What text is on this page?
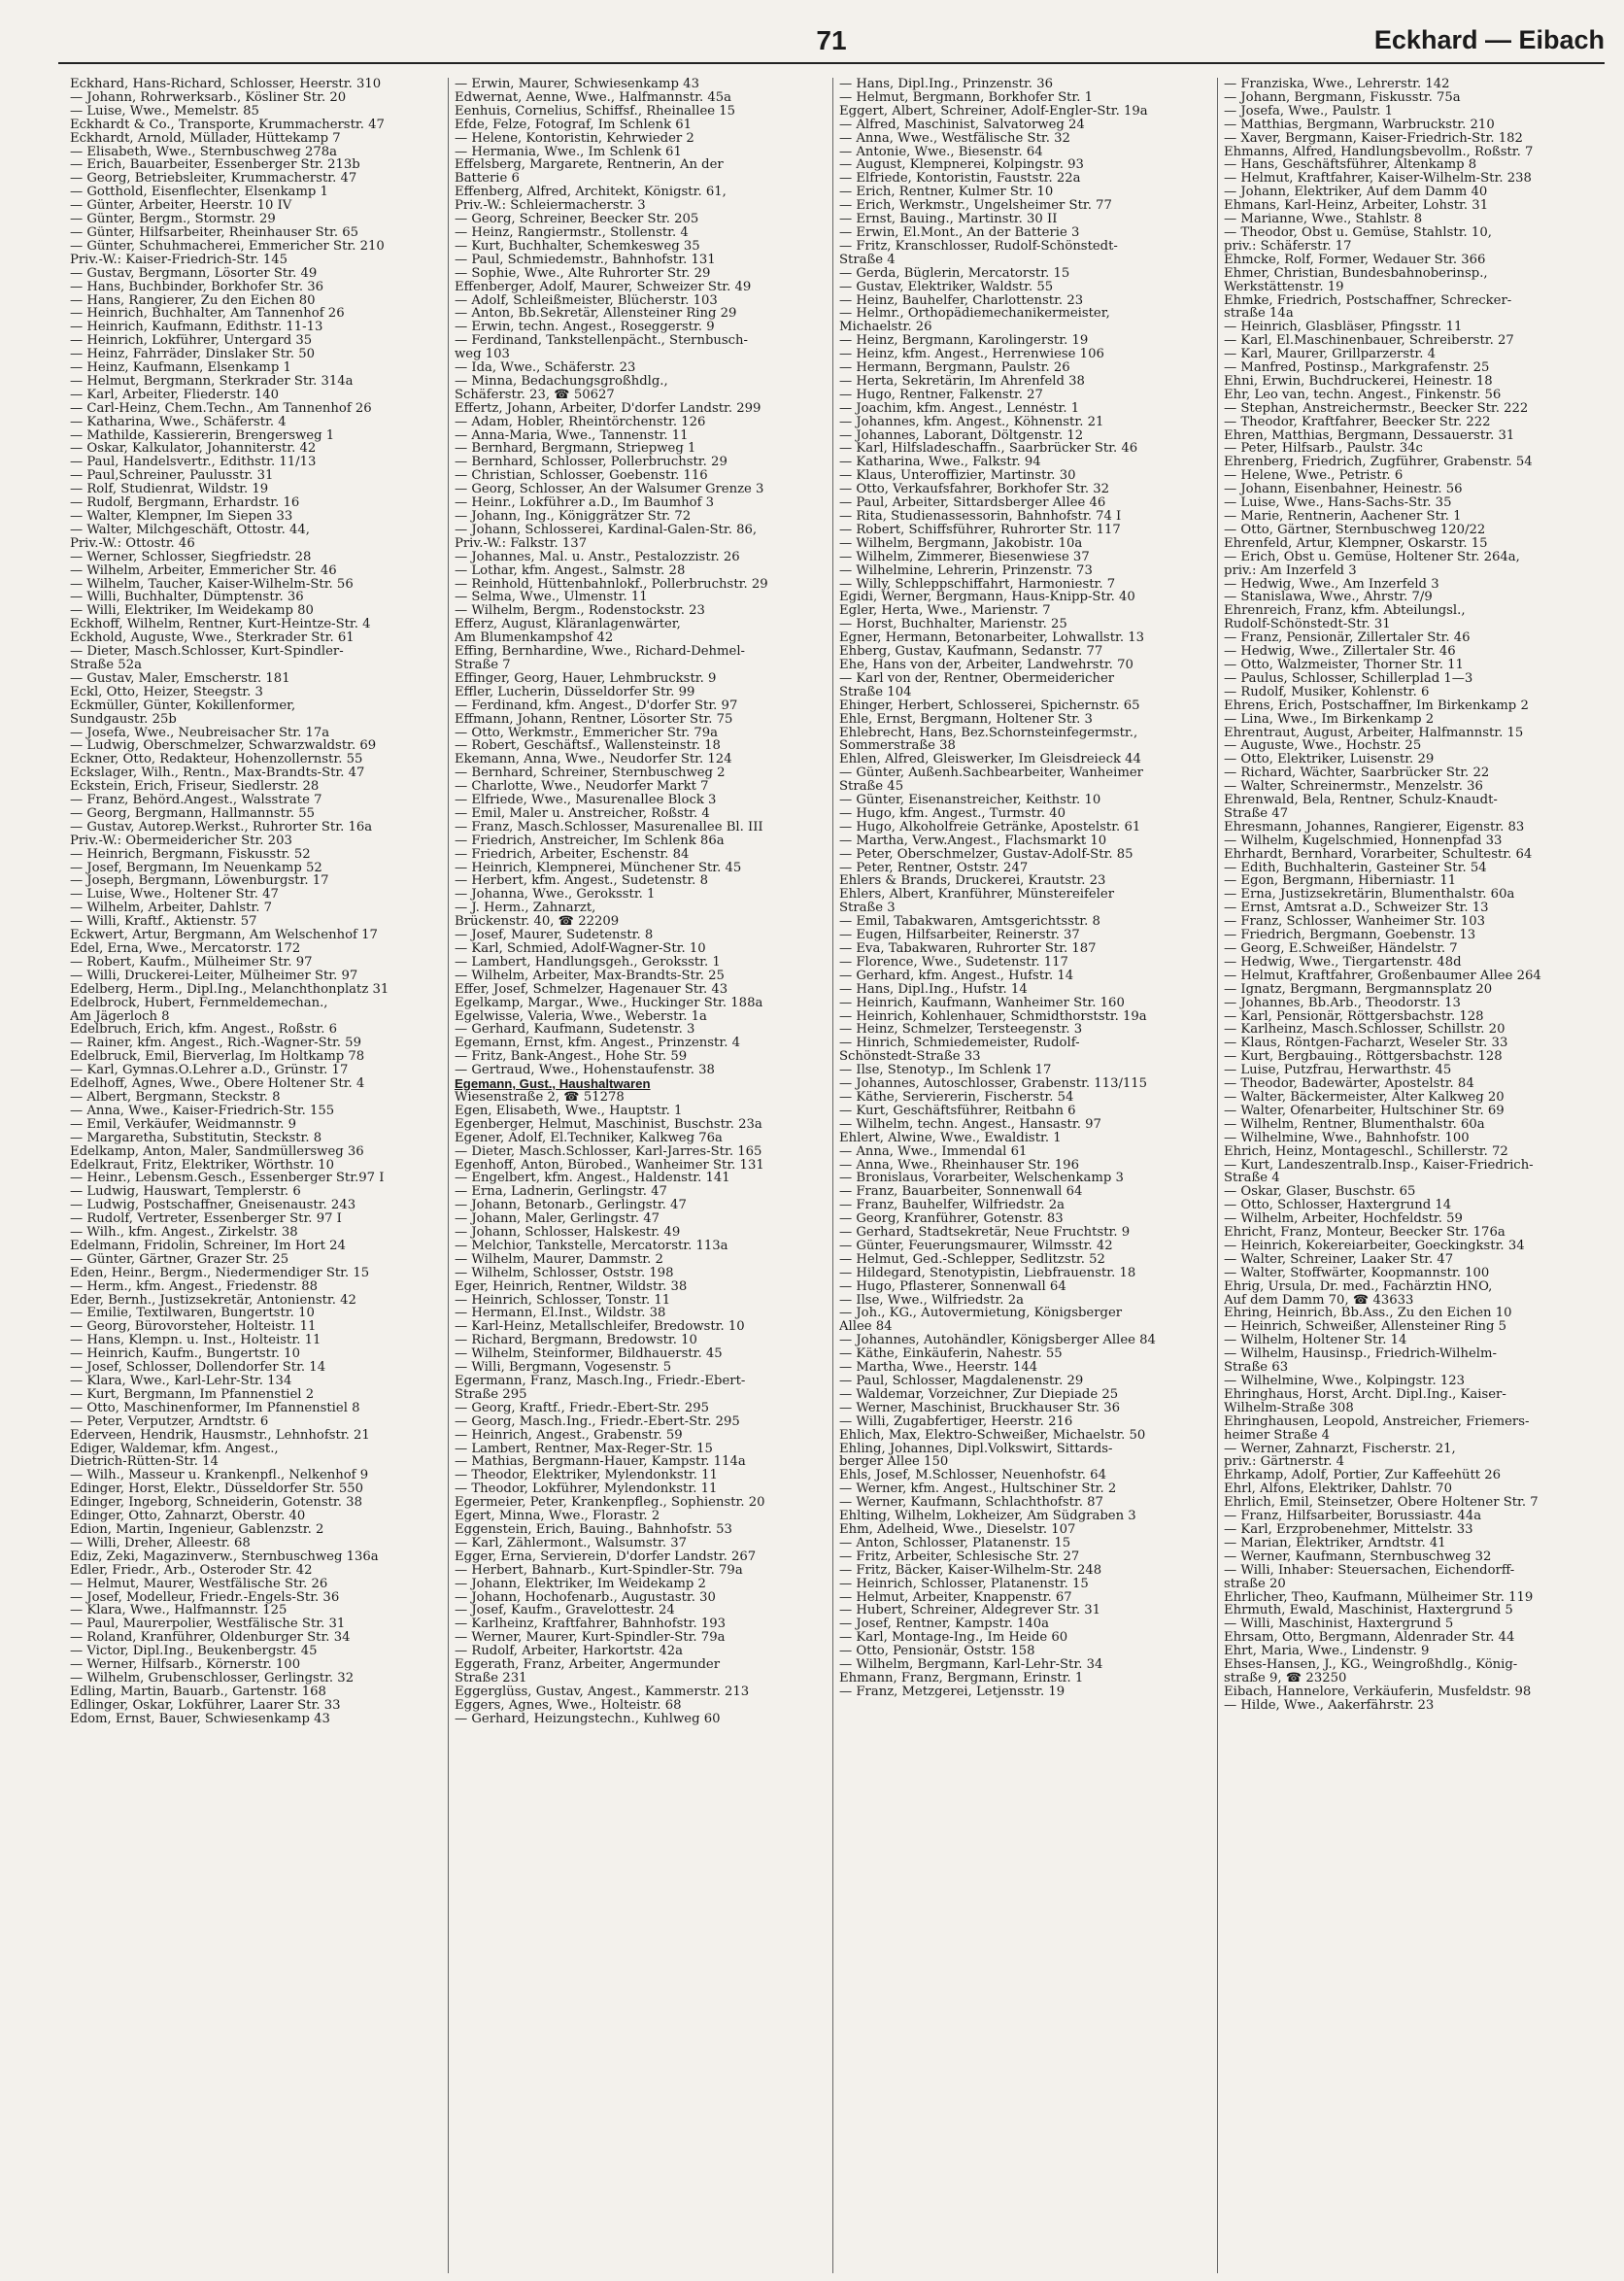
71	Eckhard — Eibach
Eckhard, Hans-Richard, Schlosser, Heerstr. 310
— Johann, Rohrwerksarb., Kösliner Str. 20
— Luise, Wwe., Memelstr. 85
Eckhardt & Co., Transporte, Krummacherstr. 47
Eckhardt, Arnold, Müllader, Hüttekamp 7
— Elisabeth, Wwe., Sternbuschweg 278a
— Erich, Bauarbeiter, Essenberger Str. 213b
— Georg, Betriebsleiter, Krummacherstr. 47
— Gotthold, Eisenflechter, Elsenkamp 1
— Günter, Arbeiter, Heerstr. 10 IV
— Günter, Bergm., Stormstr. 29
— Günter, Hilfsarbeiter, Rheinhauser Str. 65
— Günter, Schuhmacherei, Emmericher Str. 210
Priv.-W.: Kaiser-Friedrich-Str. 145
— Gustav, Bergmann, Lösorter Str. 49
— Hans, Buchbinder, Borkhofer Str. 36
— Hans, Rangierer, Zu den Eichen 80
— Heinrich, Buchhalter, Am Tannenhof 26
— Heinrich, Kaufmann, Edithstr. 11-13
— Heinrich, Lokführer, Untergard 35
— Heinz, Fahrräder, Dinslaker Str. 50
— Heinz, Kaufmann, Elsenkamp 1
— Helmut, Bergmann, Sterkrader Str. 314a
— Karl, Arbeiter, Fliederstr. 140
— Carl-Heinz, Chem.Techn., Am Tannenhof 26
— Katharina, Wwe., Schäferstr. 4
— Mathilde, Kassiererin, Brengersweg 1
— Oskar, Kalkulator, Johanniterstr. 42
— Paul, Handelsvertr., Edithstr. 11/13
— Paul,Schreiner, Paulusstr. 31
— Rolf, Studienrat, Wildstr. 19
— Rudolf, Bergmann, Erhardstr. 16
— Walter, Klempner, Im Siepen 33
— Walter, Milchgeschäft, Ottostr. 44,
Priv.-W.: Ottostr. 46
— Werner, Schlosser, Siegfriedstr. 28
— Wilhelm, Arbeiter, Emmericher Str. 46
— Wilhelm, Taucher, Kaiser-Wilhelm-Str. 56
— Willi, Buchhalter, Dümptenstr. 36
— Willi, Elektriker, Im Weidekamp 80
Eckhoff, Wilhelm, Rentner, Kurt-Heintze-Str. 4
Eckhold, Auguste, Wwe., Sterkrader Str. 61
— Dieter, Masch.Schlosser, Kurt-Spindler-
Straße 52a
— Gustav, Maler, Emscherstr. 181
Eckl, Otto, Heizer, Steegstr. 3
Eckmüller, Günter, Kokillenformer,
Sundgaustr. 25b
— Josefa, Wwe., Neubreisacher Str. 17a
— Ludwig, Oberschmelzer, Schwarzwaldstr. 69
Eckner, Otto, Redakteur, Hohenzollernstr. 55
Eckslager, Wilh., Rentn., Max-Brandts-Str. 47
Eckstein, Erich, Friseur, Siedlerstr. 28
— Franz, Behörd.Angest., Walsstrate 7
— Georg, Bergmann, Hallmannstr. 55
— Gustav, Autorep.Werkst., Ruhrorter Str. 16a
Priv.-W.: Obermeidericher Str. 203
— Heinrich, Bergmann, Fiskusstr. 52
— Josef, Bergmann, Im Neuenkamp 52
— Joseph, Bergmann, Löwenburgstr. 17
— Luise, Wwe., Holtener Str. 47
— Wilhelm, Arbeiter, Dahlstr. 7
— Willi, Kraftf., Aktienstr. 57
Eckwert, Artur, Bergmann, Am Welschenhof 17
Edel, Erna, Wwe., Mercatorstr. 172
— Robert, Kaufm., Mülheimer Str. 97
— Willi, Druckerei-Leiter, Mülheimer Str. 97
Edelberg, Herm., Dipl.Ing., Melanchthonplatz 31
Edelbrock, Hubert, Fernmeldemechan.,
Am Jägerloch 8
Edelbruch, Erich, kfm. Angest., Roßstr. 6
— Rainer, kfm. Angest., Rich.-Wagner-Str. 59
Edelbruck, Emil, Bierverlag, Im Holtkamp 78
— Karl, Gymnas.O.Lehrer a.D., Grünstr. 17
Edelhoff, Agnes, Wwe., Obere Holtener Str. 4
— Albert, Bergmann, Steckstr. 8
— Anna, Wwe., Kaiser-Friedrich-Str. 155
— Emil, Verkäufer, Weidmannstr. 9
— Margaretha, Substitutin, Steckstr. 8
Edelkamp, Anton, Maler, Sandmüllersweg 36
Edelkraut, Fritz, Elektriker, Wörthstr. 10
— Heinr., Lebensm.Gesch., Essenberger Str.97 I
— Ludwig, Hauswart, Templerstr. 6
— Ludwig, Postschaffner, Gneisenaustr. 243
— Rudolf, Vertreter, Essenberger Str. 97 I
— Wilh., kfm. Angest., Zirkelstr. 38
Edelmann, Fridolin, Schreiner, Im Hort 24
— Günter, Gärtner, Grazer Str. 25
Eden, Heinr., Bergm., Niedermendiger Str. 15
— Herm., kfm. Angest., Friedenstr. 88
Eder, Bernh., Justizsekretär, Antonienstr. 42
— Emilie, Textilwaren, Bungertstr. 10
— Georg, Bürovorsteher, Holteistr. 11
— Hans, Klempn. u. Inst., Holteistr. 11
— Heinrich, Kaufm., Bungertstr. 10
— Josef, Schlosser, Dollendorfer Str. 14
— Klara, Wwe., Karl-Lehr-Str. 134
— Kurt, Bergmann, Im Pfannenstiel 2
— Otto, Maschinenformer, Im Pfannenstiel 8
— Peter, Verputzer, Arndtstr. 6
Ederveen, Hendrik, Hausmstr., Lehnhofstr. 21
Ediger, Waldemar, kfm. Angest.,
Dietrich-Rütten-Str. 14
— Wilh., Masseur u. Krankenpfl., Nelkenhof 9
Edinger, Horst, Elektr., Düsseldorfer Str. 550
Edinger, Ingeborg, Schneiderin, Gotenstr. 38
Edinger, Otto, Zahnarzt, Oberstr. 40
Edion, Martin, Ingenieur, Gablenzstr. 2
— Willi, Dreher, Alleestr. 68
Ediz, Zeki, Magazinverw., Sternbuschweg 136a
Edler, Friedr., Arb., Osteroder Str. 42
— Helmut, Maurer, Westfälische Str. 26
— Josef, Modelleur, Friedr.-Engels-Str. 36
— Klara, Wwe., Halfmannstr. 125
— Paul, Maurerpolier, Westfälische Str. 31
— Roland, Kranführer, Oldenburger Str. 34
— Victor, Dipl.Ing., Beukenbergstr. 45
— Werner, Hilfsarb., Körnerstr. 100
— Wilhelm, Grubenschlosser, Gerlingstr. 32
Edling, Martin, Bauarb., Gartenstr. 168
Edlinger, Oskar, Lokführer, Laarer Str. 33
Edom, Ernst, Bauer, Schwiesenkamp 43
— Erwin, Maurer, Schwiesenkamp 43
Edwernat, Aenne, Wwe., Halfmannstr. 45a
Eenhuis, Cornelius, Schiffsf., Rheinallee 15
Efde, Felze, Fotograf, Im Schlenk 61
— Helene, Kontoristin, Kehrwieder 2
— Hermania, Wwe., Im Schlenk 61
Effelsberg, Margarete, Rentnerin, An der
Batterie 6
Effenberg, Alfred, Architekt, Königstr. 61,
Priv.-W.: Schleiermacherstr. 3
— Georg, Schreiner, Beecker Str. 205
— Heinz, Rangiermstr., Stollenstr. 4
— Kurt, Buchhalter, Schemkesweg 35
— Paul, Schmiedemstr., Bahnhofstr. 131
— Sophie, Wwe., Alte Ruhrorter Str. 29
Effenberger, Adolf, Maurer, Schweizer Str. 49
— Adolf, Schleißmeister, Blücherstr. 103
— Anton, Bb.Sekretär, Allensteiner Ring 29
— Erwin, techn. Angest., Roseggerstr. 9
— Ferdinand, Tankstellenpächt., Sternbusch-
weg 103
— Ida, Wwe., Schäferstr. 23
— Minna, Bedachungsgroßhdlg.,
Schäferstr. 23, ☎ 50627
Effertz, Johann, Arbeiter, D'dorfer Landstr. 299
— Adam, Hobler, Rheintörchenstr. 126
— Anna-Maria, Wwe., Tannenstr. 11
— Bernhard, Bergmann, Striepweg 1
— Bernhard, Schlosser, Pollerbruchstr. 29
— Christian, Schlosser, Goebenstr. 116
— Georg, Schlosser, An der Walsumer Grenze 3
— Heinr., Lokführer a.D., Im Baumhof 3
— Johann, Ing., Königgrätzer Str. 72
— Johann, Schlosserei, Kardinal-Galen-Str. 86,
Priv.-W.: Falkstr. 137
— Johannes, Mal. u. Anstr., Pestalozzistr. 26
— Lothar, kfm. Angest., Salmstr. 28
— Reinhold, Hüttenbahnlokf., Pollerbruchstr. 29
— Selma, Wwe., Ulmenstr. 11
— Wilhelm, Bergm., Rodenstockstr. 23
Efferz, August, Kläranlagenwärter,
Am Blumenkampshof 42
Effing, Bernhardine, Wwe., Richard-Dehmel-
Straße 7
Effinger, Georg, Hauer, Lehmbruckstr. 9
Effler, Lucherin, Düsseldorfer Str. 99
— Ferdinand, kfm. Angest., D'dorfer Str. 97
Effmann, Johann, Rentner, Lösorter Str. 75
— Otto, Werkmstr., Emmericher Str. 79a
— Robert, Geschäftsf., Wallensteinstr. 18
Ekemann, Anna, Wwe., Neudorfer Str. 124
— Bernhard, Schreiner, Sternbuschweg 2
— Charlotte, Wwe., Neudorfer Markt 7
— Elfriede, Wwe., Masurenallee Block 3
— Emil, Maler u. Anstreicher, Roßstr. 4
— Franz, Masch.Schlosser, Masurenallee Bl. III
— Friedrich, Anstreicher, Im Schlenk 86a
— Friedrich, Arbeiter, Eschenstr. 84
— Heinrich, Klempnerei, Münchener Str. 45
— Herbert, kfm. Angest., Sudetenstr. 8
— Johanna, Wwe., Geroksstr. 1
— J. Herm., Zahnarzt,
Brückenstr. 40, ☎ 22209
— Josef, Maurer, Sudetenstr. 8
— Karl, Schmied, Adolf-Wagner-Str. 10
— Lambert, Handlungsgeh., Geroksstr. 1
— Wilhelm, Arbeiter, Max-Brandts-Str. 25
Effer, Josef, Schmelzer, Hagenauer Str. 43
Egelkamp, Margar., Wwe., Huckinger Str. 188a
Egelwisse, Valeria, Wwe., Weberstr. 1a
— Gerhard, Kaufmann, Sudetenstr. 3
Egemann, Ernst, kfm. Angest., Prinzenstr. 4
— Fritz, Bank-Angest., Hohe Str. 59
— Gertraud, Wwe., Hohenstaufenstr. 38
Egemann, Gust., Haushaltwaren
Wiesenstraße 2, ☎ 51278
Egen, Elisabeth, Wwe., Hauptstr. 1
Egenberger, Helmut, Maschinist, Buschstr. 23a
Egener, Adolf, El.Techniker, Kalkweg 76a
— Dieter, Masch.Schlosser, Karl-Jarres-Str. 165
Egenhoff, Anton, Bürobed., Wanheimer Str. 131
— Engelbert, kfm. Angest., Haldenstr. 141
— Erna, Ladnerin, Gerlingstr. 47
— Johann, Betonarb., Gerlingstr. 47
— Johann, Maler, Gerlingstr. 47
— Johann, Schlosser, Halskestr. 49
— Melchior, Tankstelle, Mercatorstr. 113a
— Wilhelm, Maurer, Dammstr. 2
— Wilhelm, Schlosser, Oststr. 198
Eger, Heinrich, Rentner, Wildstr. 38
— Heinrich, Schlosser, Tonstr. 11
— Hermann, El.Inst., Wildstr. 38
— Karl-Heinz, Metallschleifer, Bredowstr. 10
— Richard, Bergmann, Bredowstr. 10
— Wilhelm, Steinformer, Bildhauerstr. 45
— Willi, Bergmann, Vogesenstr. 5
Egermann, Franz, Masch.Ing., Friedr.-Ebert-
Straße 295
— Georg, Kraftf., Friedr.-Ebert-Str. 295
— Georg, Masch.Ing., Friedr.-Ebert-Str. 295
— Heinrich, Angest., Grabenstr. 59
— Lambert, Rentner, Max-Reger-Str. 15
— Mathias, Bergmann-Hauer, Kampstr. 114a
— Theodor, Elektriker, Mylendonkstr. 11
— Theodor, Lokführer, Mylendonkstr. 11
Egermeier, Peter, Krankenpfleg., Sophienstr. 20
Egert, Minna, Wwe., Florastr. 2
Eggenstein, Erich, Bauing., Bahnhofstr. 53
— Karl, Zählermont., Walsumstr. 37
Egger, Erna, Servierein, D'dorfer Landstr. 267
— Herbert, Bahnarb., Kurt-Spindler-Str. 79a
— Johann, Elektriker, Im Weidekamp 2
— Johann, Hochofenarb., Augustastr. 30
— Josef, Kaufm., Gravelottestr. 24
— Karlheinz, Kraftfahrer, Bahnhofstr. 193
— Werner, Maurer, Kurt-Spindler-Str. 79a
— Rudolf, Arbeiter, Harkortstr. 42a
Eggerath, Franz, Arbeiter, Angermunder
Straße 231
Eggerglüss, Gustav, Angest., Kammerstr. 213
Eggers, Agnes, Wwe., Holteistr. 68
— Gerhard, Heizungstechn., Kuhlweg 60
— Hans, Dipl.Ing., Prinzenstr. 36
— Helmut, Bergmann, Borkhofer Str. 1
Eggert, Albert, Schreiner, Adolf-Engler-Str. 19a
— Alfred, Maschinist, Salvatorweg 24
— Anna, Wwe., Westfälische Str. 32
— Antonie, Wwe., Biesenstr. 64
— August, Klempnerei, Kolpingstr. 93
— Elfriede, Kontoristin, Fauststr. 22a
— Erich, Rentner, Kulmer Str. 10
— Erich, Werkmstr., Ungelsheimer Str. 77
— Ernst, Bauing., Martinstr. 30 II
— Erwin, El.Mont., An der Batterie 3
— Fritz, Kranschlosser, Rudolf-Schönstedt-
Straße 4
— Gerda, Büglerin, Mercatorstr. 15
— Gustav, Elektriker, Waldstr. 55
— Heinz, Bauhelfer, Charlottenstr. 23
— Helmr., Orthopädiemechanikermeister,
Michaelstr. 26
— Heinz, Bergmann, Karolingerstr. 19
— Heinz, kfm. Angest., Herrenwiese 106
— Hermann, Bergmann, Paulstr. 26
— Herta, Sekretärin, Im Ährenfeld 38
— Hugo, Rentner, Falkenstr. 27
— Joachim, kfm. Angest., Lennéstr. 1
— Johannes, kfm. Angest., Köhnenstr. 21
— Johannes, Laborant, Döltgenstr. 12
— Karl, Hilfsladeschaffn., Saarbrücker Str. 46
— Katharina, Wwe., Falkstr. 94
— Klaus, Unteroffizier, Martinstr. 30
— Otto, Verkaufsfahrer, Borkhofer Str. 32
— Paul, Arbeiter, Sittardsberger Allee 46
— Rita, Studienassessorin, Bahnhofstr. 74 I
— Robert, Schiffsführer, Ruhrorter Str. 117
— Wilhelm, Bergmann, Jakobistr. 10a
— Wilhelm, Zimmerer, Biesenwiese 37
— Wilhelmine, Lehrerin, Prinzenstr. 73
— Willy, Schleppschiffahrt, Harmoniestr. 7
Egidi, Werner, Bergmann, Haus-Knipp-Str. 40
Egler, Herta, Wwe., Marienstr. 7
— Horst, Buchhalter, Marienstr. 25
Egner, Hermann, Betonarbeiter, Lohwallstr. 13
Ehberg, Gustav, Kaufmann, Sedanstr. 77
Ehe, Hans von der, Arbeiter, Landwehrstr. 70
— Karl von der, Rentner, Obermeidericher
Straße 104
Ehinger, Herbert, Schlosserei, Spichernstr. 65
Ehle, Ernst, Bergmann, Holtener Str. 3
Ehlebrecht, Hans, Bez.Schornsteinfegermstr.,
Sommerstraße 38
Ehlen, Alfred, Gleiswerker, Im Gleisdreieck 44
— Günter, Außenh.Sachbearbeiter, Wanheimer
Straße 45
— Günter, Eisenanstreicher, Keithstr. 10
— Hugo, kfm. Angest., Turmstr. 40
— Hugo, Alkoholfreie Getränke, Apostelstr. 61
— Martha, Verw.Angest., Flachsmarkt 10
— Peter, Oberschmelzer, Gustav-Adolf-Str. 85
— Peter, Rentner, Oststr. 247
Ehlers & Brands, Druckerei, Krautstr. 23
Ehlers, Albert, Kranführer, Münstereifeler
Straße 3
— Emil, Tabakwaren, Amtsgerichtsstr. 8
— Eugen, Hilfsarbeiter, Reinerstr. 37
— Eva, Tabakwaren, Ruhrorter Str. 187
— Florence, Wwe., Sudetenstr. 117
— Gerhard, kfm. Angest., Hufstr. 14
— Hans, Dipl.Ing., Hufstr. 14
— Heinrich, Kaufmann, Wanheimer Str. 160
— Heinrich, Kohlenhauer, Schmidthorststr. 19a
— Heinz, Schmelzer, Tersteegenstr. 3
— Hinrich, Schmiedemeister, Rudolf-
Schönstedt-Straße 33
— Ilse, Stenotyp., Im Schlenk 17
— Johannes, Autoschlosser, Grabenstr. 113/115
— Käthe, Serviererin, Fischerstr. 54
— Kurt, Geschäftsführer, Reitbahn 6
— Wilhelm, techn. Angest., Hansastr. 97
Ehlert, Alwine, Wwe., Ewaldistr. 1
— Anna, Wwe., Immendal 61
— Anna, Wwe., Rheinhauser Str. 196
— Bronislaus, Vorarbeiter, Welschenkamp 3
— Franz, Bauarbeiter, Sonnenwall 64
— Franz, Bauhelfer, Wilfriedstr. 2a
— Georg, Kranführer, Gotenstr. 83
— Gerhard, Stadtsekretär, Neue Fruchtstr. 9
— Günter, Feuerungsmaurer, Wilmsstr. 42
— Helmut, Ged.-Schlepper, Sedlitzstr. 52
— Hildegard, Stenotypistin, Liebfrauenstr. 18
— Hugo, Pflasterer, Sonnenwall 64
— Ilse, Wwe., Wilfriedstr. 2a
— Joh., KG., Autovermietung, Königsberger
Allee 84
— Johannes, Autohändler, Königsberger Allee 84
— Käthe, Einkäuferin, Nahestr. 55
— Martha, Wwe., Heerstr. 144
— Paul, Schlosser, Magdalenenstr. 29
— Waldemar, Vorzeichner, Zur Diepiade 25
— Werner, Maschinist, Bruckhauser Str. 36
— Willi, Zugabfertiger, Heerstr. 216
Ehlich, Max, Elektro-Schweißer, Michaelstr. 50
Ehling, Johannes, Dipl.Volkswirt, Sittards-
berger Allee 150
Ehls, Josef, M.Schlosser, Neuenhofstr. 64
— Werner, kfm. Angest., Hultschiner Str. 2
— Werner, Kaufmann, Schlachthofstr. 87
Ehlting, Wilhelm, Lokheizer, Am Südgraben 3
Ehm, Adelheid, Wwe., Dieselstr. 107
— Anton, Schlosser, Platanenstr. 15
— Fritz, Arbeiter, Schlesische Str. 27
— Fritz, Bäcker, Kaiser-Wilhelm-Str. 248
— Heinrich, Schlosser, Platanenstr. 15
— Helmut, Arbeiter, Knappenstr. 67
— Hubert, Schreiner, Aldegrever Str. 31
— Josef, Rentner, Kampstr. 140a
— Karl, Montage-Ing., Im Heide 60
— Otto, Pensionär, Oststr. 158
— Wilhelm, Bergmann, Karl-Lehr-Str. 34
Ehmann, Franz, Bergmann, Erinstr. 1
— Franz, Metzgerei, Letjensstr. 19
— Franziska, Wwe., Lehrerstr. 142
— Johann, Bergmann, Fiskusstr. 75a
— Josefa, Wwe., Paulstr. 1
— Matthias, Bergmann, Warbruckstr. 210
— Xaver, Bergmann, Kaiser-Friedrich-Str. 182
Ehmanns, Alfred, Handlungsbevollm., Roßstr. 7
— Hans, Geschäftsführer, Altenkamp 8
— Helmut, Kraftfahrer, Kaiser-Wilhelm-Str. 238
— Johann, Elektriker, Auf dem Damm 40
Ehmans, Karl-Heinz, Arbeiter, Lohstr. 31
— Marianne, Wwe., Stahlstr. 8
— Theodor, Obst u. Gemüse, Stahlstr. 10,
priv.: Schäferstr. 17
Ehmcke, Rolf, Former, Wedauer Str. 366
Ehmer, Christian, Bundesbahnoberinsp.,
Werkstättenstr. 19
Ehmke, Friedrich, Postschaffner, Schrecker-
straße 14a
— Heinrich, Glasbläser, Pfingsstr. 11
— Karl, El.Maschinenbauer, Schreiberstr. 27
— Karl, Maurer, Grillparzerstr. 4
— Manfred, Postinsp., Markgrafenstr. 25
Ehni, Erwin, Buchdruckerei, Heinestr. 18
Ehr, Leo van, techn. Angest., Finkenstr. 56
— Stephan, Anstreichermstr., Beecker Str. 222
— Theodor, Kraftfahrer, Beecker Str. 222
Ehren, Matthias, Bergmann, Dessauerstr. 31
— Peter, Hilfsarb., Paulstr. 34c
Ehrenberg, Friedrich, Zugführer, Grabenstr. 54
— Helene, Wwe., Petristr. 6
— Johann, Eisenbahner, Heinestr. 56
— Luise, Wwe., Hans-Sachs-Str. 35
— Marie, Rentnerin, Aachener Str. 1
— Otto, Gärtner, Sternbuschweg 120/22
Ehrenfeld, Artur, Klempner, Oskarstr. 15
— Erich, Obst u. Gemüse, Holtener Str. 264a,
priv.: Am Inzerfeld 3
— Hedwig, Wwe., Am Inzerfeld 3
— Stanislawa, Wwe., Ahrstr. 7/9
Ehrenreich, Franz, kfm. Abteilungsl.,
Rudolf-Schönstedt-Str. 31
— Franz, Pensionär, Zillertaler Str. 46
— Hedwig, Wwe., Zillertaler Str. 46
— Otto, Walzmeister, Thorner Str. 11
— Paulus, Schlosser, Schillerplad 1—3
— Rudolf, Musiker, Kohlenstr. 6
Ehrens, Erich, Postschaffner, Im Birkenkamp 2
— Lina, Wwe., Im Birkenkamp 2
Ehrentraut, August, Arbeiter, Halfmannstr. 15
— Auguste, Wwe., Hochstr. 25
— Otto, Elektriker, Luisenstr. 29
— Richard, Wächter, Saarbrücker Str. 22
— Walter, Schreinermstr., Menzelstr. 36
Ehrenwald, Bela, Rentner, Schulz-Knaudt-
Straße 47
Ehresmann, Johannes, Rangierer, Eigenstr. 83
— Wilhelm, Kugelschmied, Honnenpfad 33
Ehrhardt, Bernhard, Vorarbeiter, Schultestr. 64
— Edith, Buchhalterin, Gasteiner Str. 54
— Egon, Bergmann, Hiberniastr. 11
— Erna, Justizsekretärin, Blumenthalstr. 60a
— Ernst, Amtsrat a.D., Schweizer Str. 13
— Franz, Schlosser, Wanheimer Str. 103
— Friedrich, Bergmann, Goebenstr. 13
— Georg, E.Schweißer, Händelstr. 7
— Hedwig, Wwe., Tiergartenstr. 48d
— Helmut, Kraftfahrer, Großenbaumer Allee 264
— Ignatz, Bergmann, Bergmannsplatz 20
— Johannes, Bb.Arb., Theodorstr. 13
— Karl, Pensionär, Röttgersbachstr. 128
— Karlheinz, Masch.Schlosser, Schillstr. 20
— Klaus, Röntgen-Facharzt, Weseler Str. 33
— Kurt, Bergbauing., Röttgersbachstr. 128
— Luise, Putzfrau, Herwarthstr. 45
— Theodor, Badewärter, Apostelstr. 84
— Walter, Bäckermeister, Alter Kalkweg 20
— Walter, Ofenarbeiter, Hultschiner Str. 69
— Wilhelm, Rentner, Blumenthalstr. 60a
— Wilhelmine, Wwe., Bahnhofstr. 100
Ehrich, Heinz, Montageschl., Schillerstr. 72
— Kurt, Landeszentralb.Insp., Kaiser-Friedrich-
Straße 4
— Oskar, Glaser, Buschstr. 65
— Otto, Schlosser, Haxtergrund 14
— Wilhelm, Arbeiter, Hochfeldstr. 59
Ehricht, Franz, Monteur, Beecker Str. 176a
— Heinrich, Kokereiarbeiter, Goeckingkstr. 34
— Walter, Schreiner, Laaker Str. 47
— Walter, Stoffwärter, Koopmannstr. 100
Ehrig, Ursula, Dr. med., Fachärztin HNO,
Auf dem Damm 70, ☎ 43633
Ehring, Heinrich, Bb.Ass., Zu den Eichen 10
— Heinrich, Schweißer, Allensteiner Ring 5
— Wilhelm, Holtener Str. 14
— Wilhelm, Hausinsp., Friedrich-Wilhelm-
Straße 63
— Wilhelmine, Wwe., Kolpingstr. 123
Ehringhaus, Horst, Archt. Dipl.Ing., Kaiser-
Wilhelm-Straße 308
Ehringhausen, Leopold, Anstreicher, Friemers-
heimer Straße 4
— Werner, Zahnarzt, Fischerstr. 21,
priv.: Gärtnerstr. 4
Ehrkamp, Adolf, Portier, Zur Kaffeehütt 26
Ehrl, Alfons, Elektriker, Dahlstr. 70
Ehrlich, Emil, Steinsetzer, Obere Holtener Str. 7
— Franz, Hilfsarbeiter, Borussiastr. 44a
— Karl, Erzprobenehmer, Mittelstr. 33
— Marian, Elektriker, Arndtstr. 41
— Werner, Kaufmann, Sternbuschweg 32
— Willi, Inhaber: Steuersachen, Eichendorff-
straße 20
Ehrlicher, Theo, Kaufmann, Mülheimer Str. 119
Ehrmuth, Ewald, Maschinist, Haxtergrund 5
— Willi, Maschinist, Haxtergrund 5
Ehrsam, Otto, Bergmann, Aldenrader Str. 44
Ehrt, Maria, Wwe., Lindenstr. 9
Ehses-Hansen, J., KG., Weingroßhdlg., König-
straße 9, ☎ 23250
Eibach, Hannelore, Verkäuferin, Musfeldstr. 98
— Hilde, Wwe., Aakerfährstr. 23
